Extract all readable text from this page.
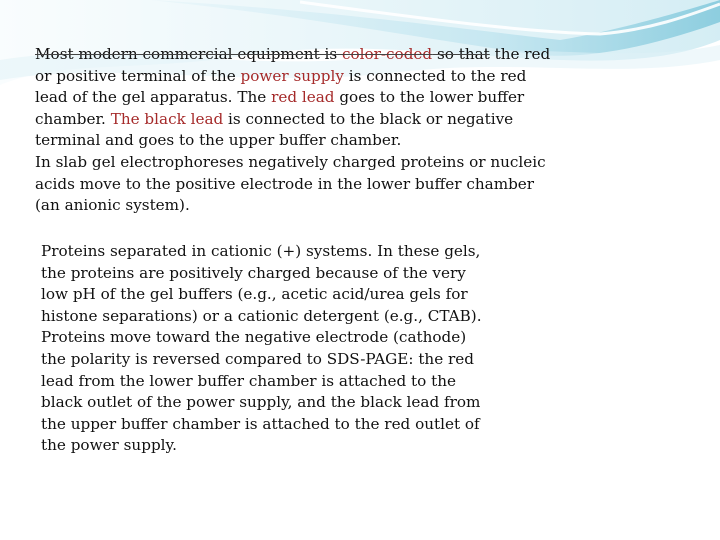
Most modern commercial equipment is color-coded so that the red
or positive terminal of the power supply is connected to the red
lead of the gel apparatus. The red lead goes to the lower buffer
chamber. The black lead is connected to the black or negative
terminal and goes to the upper buffer chamber.
In slab gel electrophoreses negatively charged proteins or nucleic
acids move to the positive electrode in the lower buffer chamber
(an anionic system).

Proteins separated in cationic (+) systems. In these gels,
the proteins are positively charged because of the very
low pH of the gel buffers (e.g., acetic acid/urea gels for
histone separations) or a cationic detergent (e.g., CTAB).
Proteins move toward the negative electrode (cathode)
the polarity is reversed compared to SDS-PAGE: the red
lead from the lower buffer chamber is attached to the
black outlet of the power supply, and the black lead from
the upper buffer chamber is attached to the red outlet of
the power supply.
